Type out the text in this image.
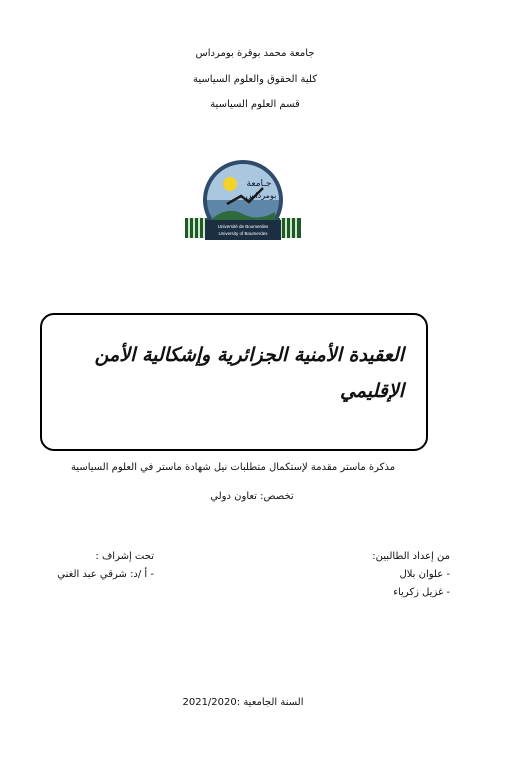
جامعة محمد بوقرة بومرداس
كلية الحقوق والعلوم السياسية
قسم العلوم السياسية
Université de Boumerdes
University of Boumerdes
جـامعة
بومرداس
العقيدة الأمنية الجزائرية وإشكالية الأمن الإقليمي
مذكرة ماستر مقدمة لإستكمال متطلبات نيل شهادة ماستر في العلوم السياسية
تخصص: تعاون دولي
من إعداد الطالبين:
- علوان بلال
- غزيل زكرياء
تحت إشراف :
- أ /د: شرقي عبد الغني
السنة الجامعية :2021/2020
